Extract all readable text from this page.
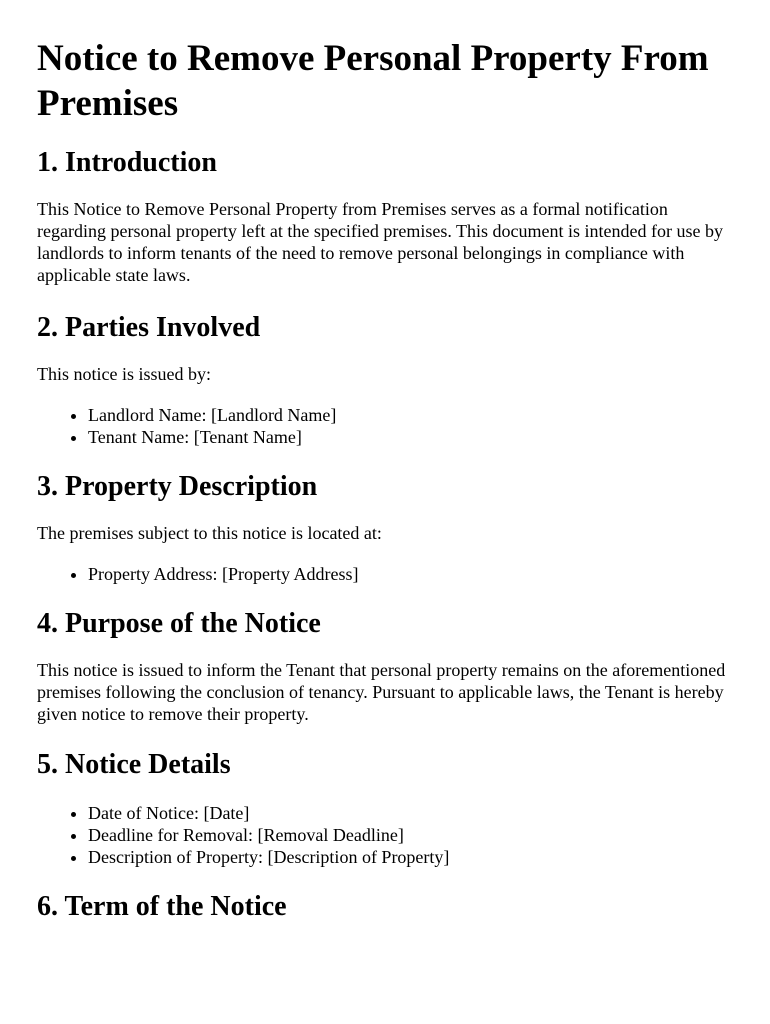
Notice to Remove Personal Property From Premises
1. Introduction

This Notice to Remove Personal Property from Premises serves as a formal notification regarding personal property left at the specified premises. This document is intended for use by landlords to inform tenants of the need to remove personal belongings in compliance with applicable state laws.

2. Parties Involved

This notice is issued by:

• Landlord Name: [Landlord Name]
• Tenant Name: [Tenant Name]
3. Property Description

The premises subject to this notice is located at:

• Property Address: [Property Address]
4. Purpose of the Notice

This notice is issued to inform the Tenant that personal property remains on the aforementioned premises following the conclusion of tenancy. Pursuant to applicable laws, the Tenant is hereby given notice to remove their property.

5. Notice Details
• Date of Notice: [Date]
• Deadline for Removal: [Removal Deadline]
• Description of Property: [Description of Property]
6. Term of the Notice
